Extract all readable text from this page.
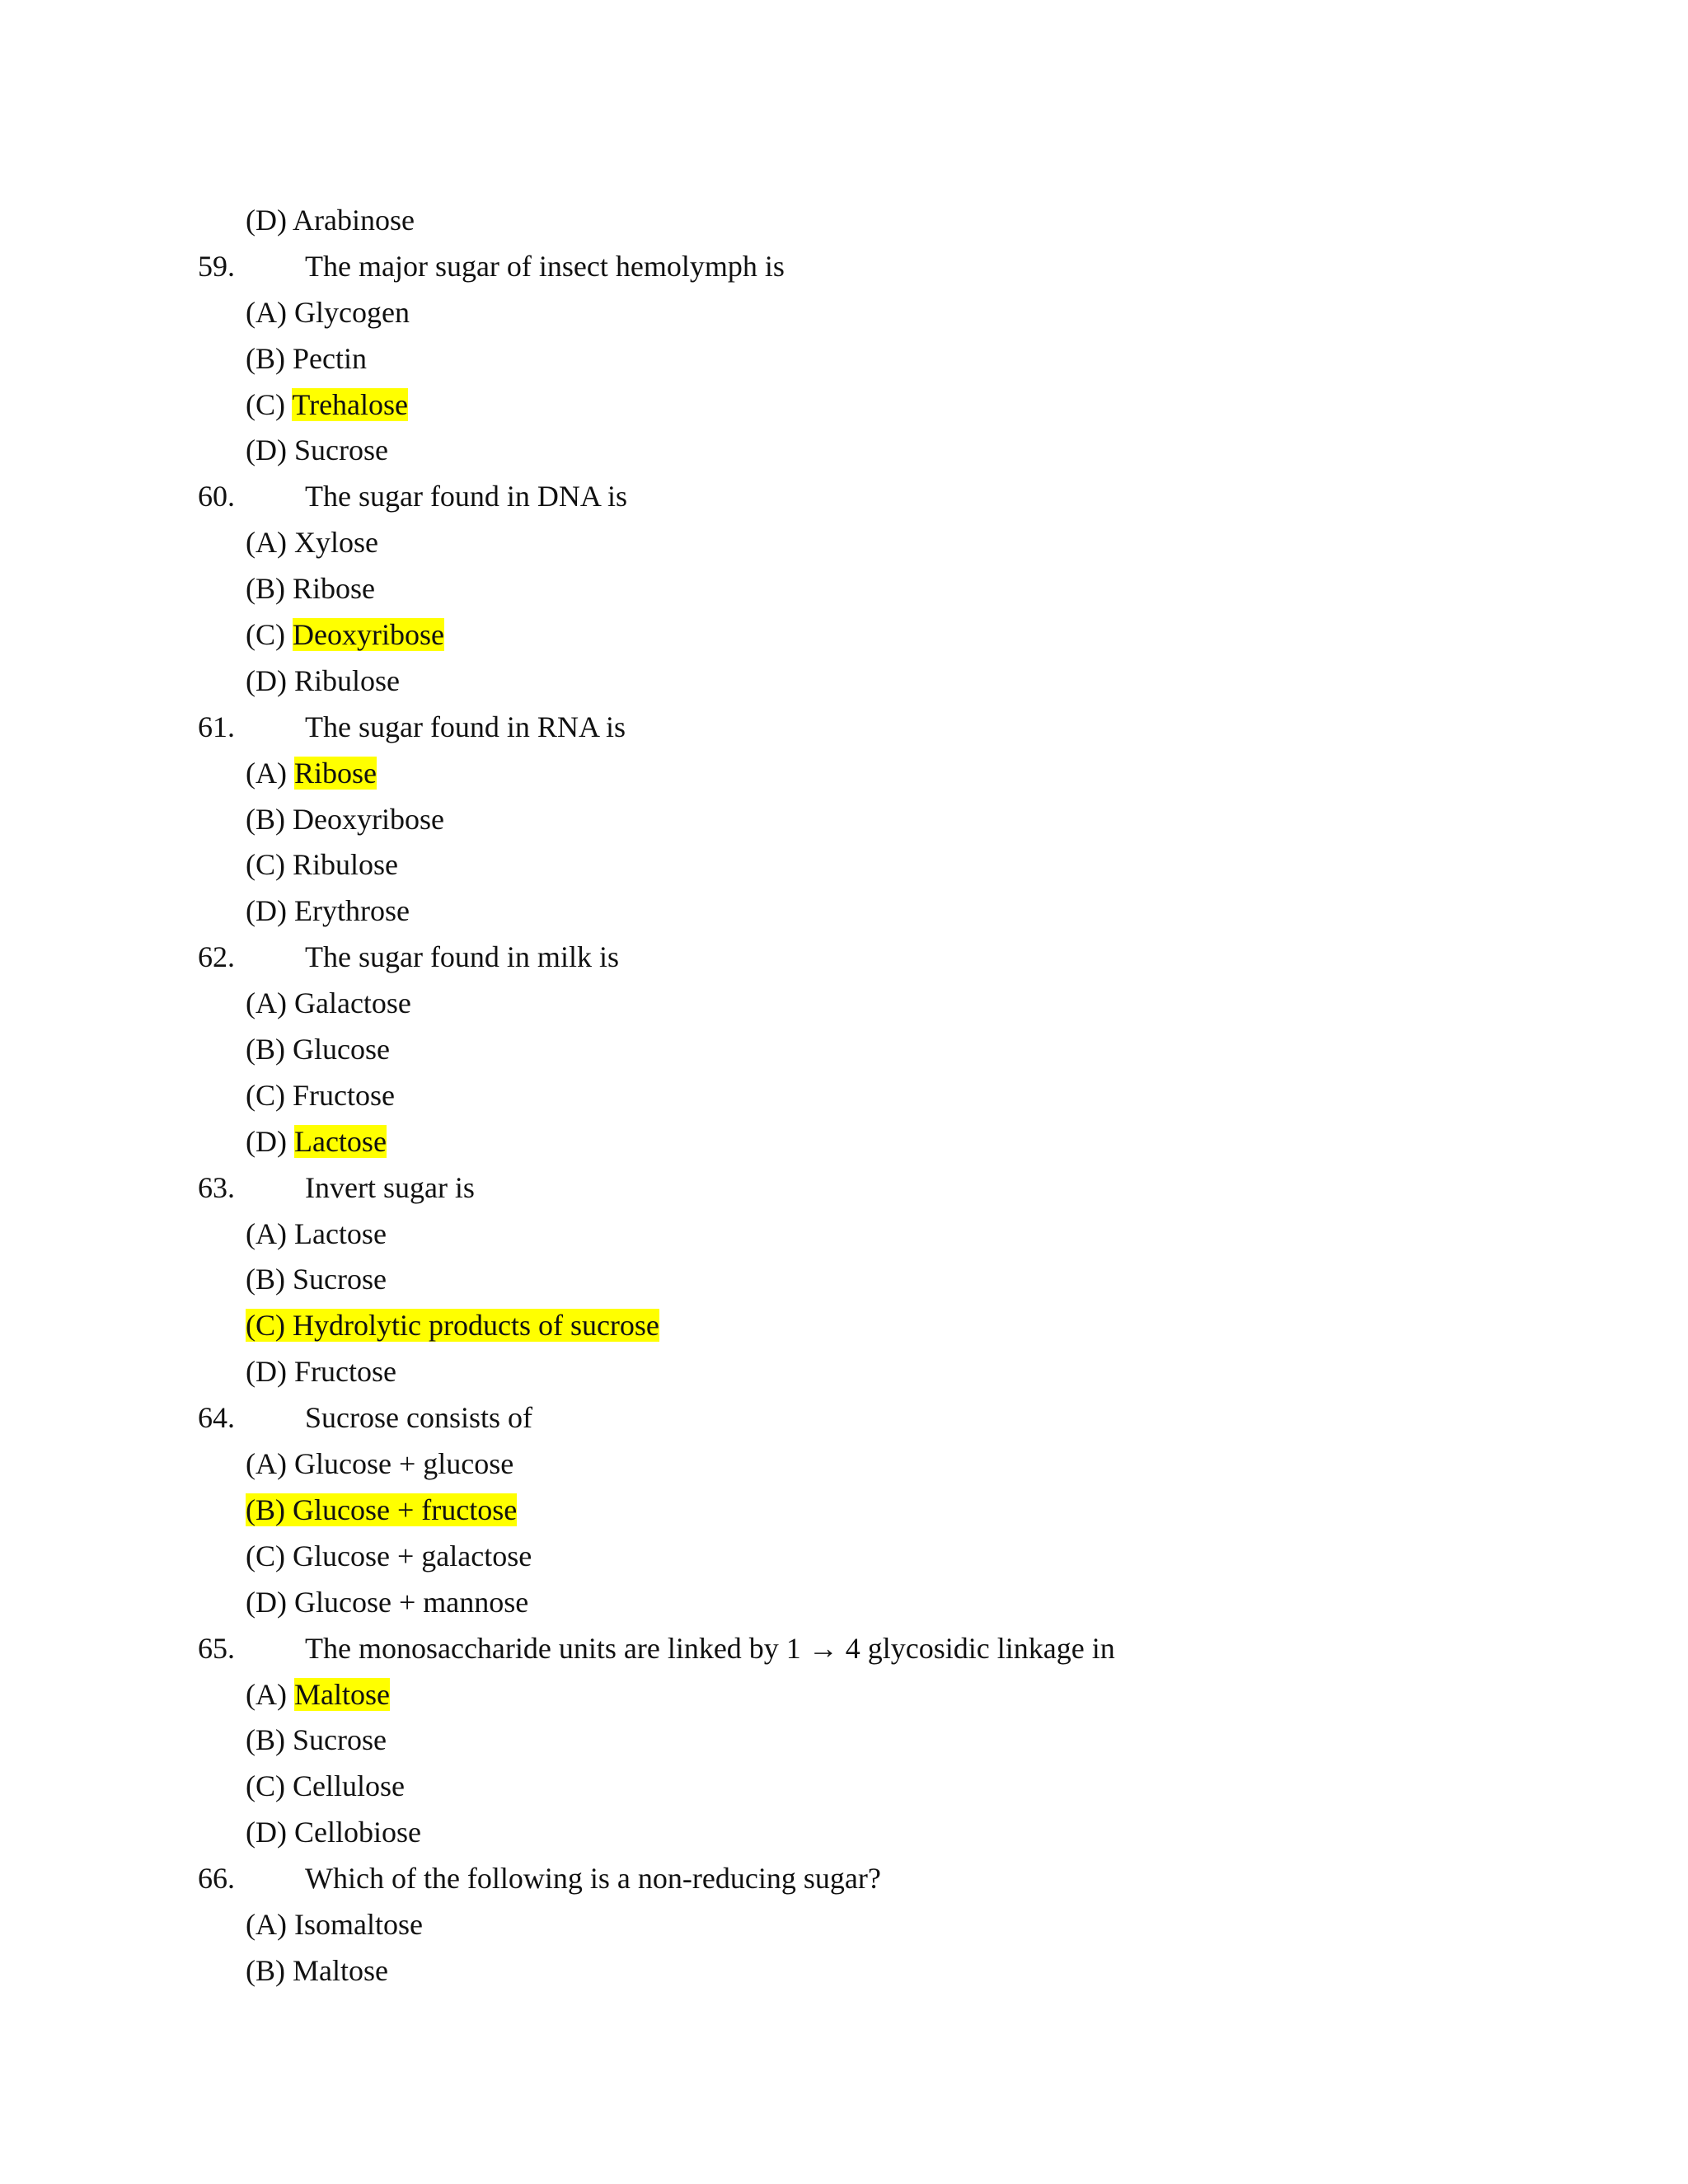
(D) Arabinose
59. The major sugar of insect hemolymph is
(A) Glycogen
(B) Pectin
(C) Trehalose
(D) Sucrose
60. The sugar found in DNA is
(A) Xylose
(B) Ribose
(C) Deoxyribose
(D) Ribulose
61. The sugar found in RNA is
(A) Ribose
(B) Deoxyribose
(C) Ribulose
(D) Erythrose
62. The sugar found in milk is
(A) Galactose
(B) Glucose
(C) Fructose
(D) Lactose
63. Invert sugar is
(A) Lactose
(B) Sucrose
(C) Hydrolytic products of sucrose
(D) Fructose
64. Sucrose consists of
(A) Glucose + glucose
(B) Glucose + fructose
(C) Glucose + galactose
(D) Glucose + mannose
65. The monosaccharide units are linked by 1 → 4 glycosidic linkage in
(A) Maltose
(B) Sucrose
(C) Cellulose
(D) Cellobiose
66. Which of the following is a non-reducing sugar?
(A) Isomaltose
(B) Maltose
